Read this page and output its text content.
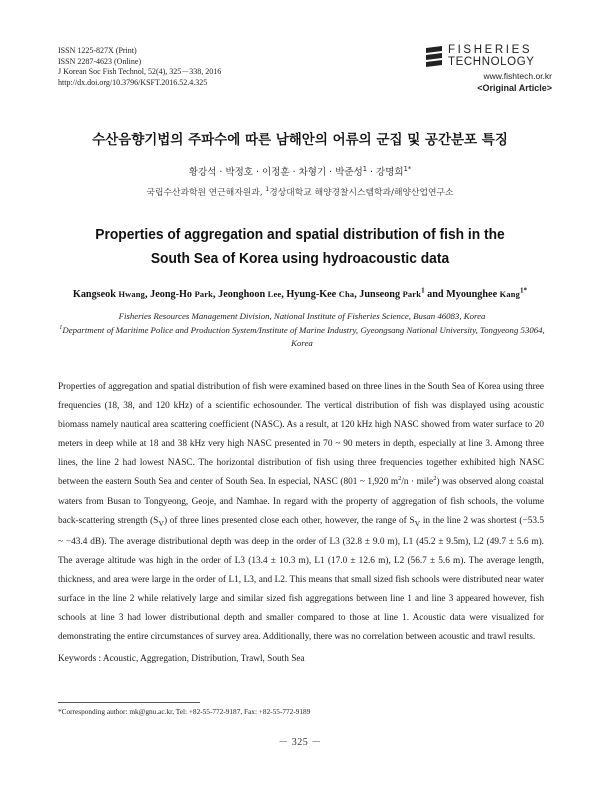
ISSN 1225-827X (Print)
ISSN 2287-4623 (Online)
J Korean Soc Fish Technol, 52(4), 325－338, 2016
http://dx.doi.org/10.3796/KSFT.2016.52.4.325
FISHERIES
TECHNOLOGY
www.fishtech.or.kr
<Original Article>
수산음향기법의 주파수에 따른 남해안의 어류의 군집 및 공간분포 특징
황강석 · 박정호 · 이정훈 · 차형기 · 박준성$^1$ · 강명희$^{1*}$
국립수산과학원 연근해자원과, $^1$경상대학교 해양경찰시스템학과/해양산업연구소
Properties of aggregation and spatial distribution of fish in the South Sea of Korea using hydroacoustic data
Kangseok Hwang, Jeong-Ho Park, Jeonghoon Lee, Hyung-Kee Cha, Junseong Park$^1$ and Myounghee Kang$^{1*}$
Fisheries Resources Management Division, National Institute of Fisheries Science, Busan 46083, Korea
$^1$Department of Maritime Police and Production System/Institute of Marine Industry, Gyeongsang National University, Tongyeong 53064, Korea
Properties of aggregation and spatial distribution of fish were examined based on three lines in the South Sea of Korea using three frequencies (18, 38, and 120 kHz) of a scientific echosounder. The vertical distribution of fish was displayed using acoustic biomass namely nautical area scattering coefficient (NASC). As a result, at 120 kHz high NASC showed from water surface to 20 meters in deep while at 18 and 38 kHz very high NASC presented in 70 ~ 90 meters in depth, especially at line 3. Among three lines, the line 2 had lowest NASC. The horizontal distribution of fish using three frequencies together exhibited high NASC between the eastern South Sea and center of South Sea. In especial, NASC (801 ~ 1,920 $m^2/n$ · mile$^2$) was observed along coastal waters from Busan to Tongyeong, Geoje, and Namhae. In regard with the property of aggregation of fish schools, the volume back-scattering strength $(S_V)$ of three lines presented close each other, however, the range of $S_V$ in the line 2 was shortest (−53.5 ~ −43.4 dB). The average distributional depth was deep in the order of L3 (32.8 ± 9.0 m), L1 (45.2 ± 9.5m), L2 (49.7 ± 5.6 m). The average altitude was high in the order of L3 (13.4 ± 10.3 m), L1 (17.0 ± 12.6 m), L2 (56.7 ± 5.6 m). The average length, thickness, and area were large in the order of L1, L3, and L2. This means that small sized fish schools were distributed near water surface in the line 2 while relatively large and similar sized fish aggregations between line 1 and line 3 appeared however, fish schools at line 3 had lower distributional depth and smaller compared to those at line 1. Acoustic data were visualized for demonstrating the entire circumstances of survey area. Additionally, there was no correlation between acoustic and trawl results.
Keywords : Acoustic, Aggregation, Distribution, Trawl, South Sea
*Corresponding author: mk@gnu.ac.kr, Tel: +82-55-772-9187, Fax: +82-55-772-9189
－ 325 －
